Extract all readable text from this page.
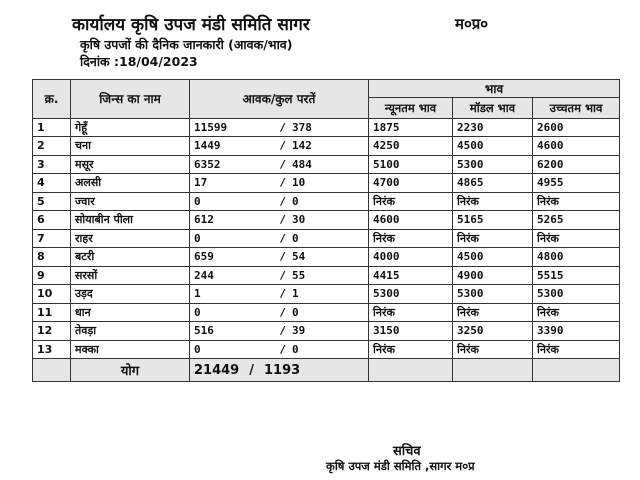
कार्यालय कृषि उपज मंडी समिति सागर	म०प्र०
कृषि उपजों की दैनिक जानकारी (आवक/भाव)
दिनांक :18/04/2023
क्र.	जिन्स का नाम	आवक/कुल परतें	भाव		
			न्यूनतम भाव	मॉडल भाव	उच्चतम भाव
1	गेहूँ	11599 / 378	1875	2230	2600
2	चना	1449 / 142	4250	4500	4600
3	मसूर	6352 / 484	5100	5300	6200
4	अलसी	17 / 10	4700	4865	4955
5	ज्वार	0 / 0	निरंक	निरंक	निरंक
6	सोयाबीन पीला	612 / 30	4600	5165	5265
7	राहर	0 / 0	निरंक	निरंक	निरंक
8	बटरी	659 / 54	4000	4500	4800
9	सरसों	244 / 55	4415	4900	5515
10	उड़द	1 / 1	5300	5300	5300
11	धान	0 / 0	निरंक	निरंक	निरंक
12	तेवड़ा	516 / 39	3150	3250	3390
13	मक्का	0 / 0	निरंक	निरंक	निरंक
	योग	21449 / 1193			

सचिव
कृषि उपज मंडी समिति ,सागर म०प्र
